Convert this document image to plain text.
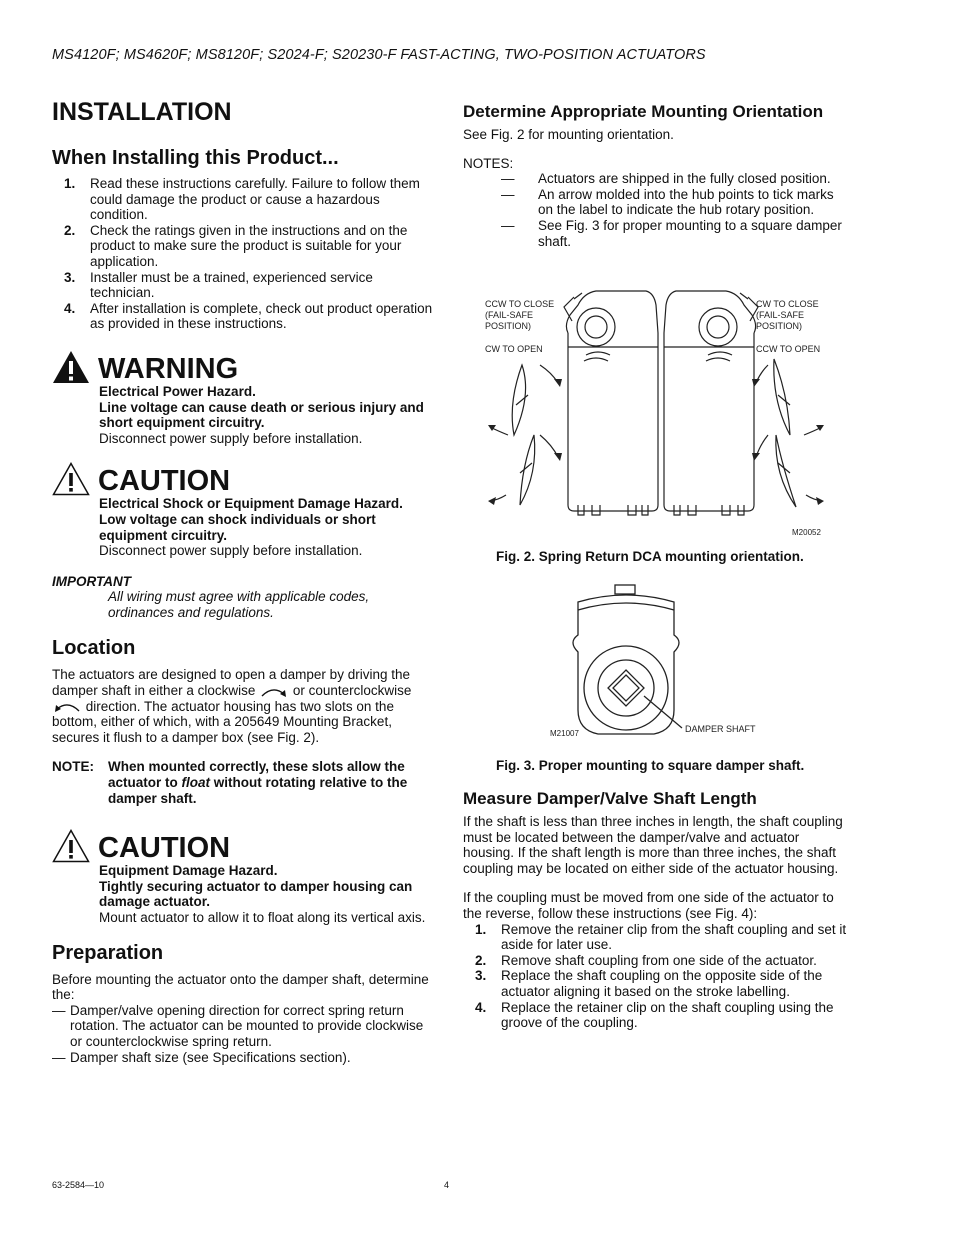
MS4120F; MS4620F; MS8120F; S2024-F; S20230-F FAST-ACTING, TWO-POSITION ACTUATORS
INSTALLATION
When Installing this Product...
1. Read these instructions carefully. Failure to follow them could damage the product or cause a hazardous condition.
2. Check the ratings given in the instructions and on the product to make sure the product is suitable for your application.
3. Installer must be a trained, experienced service technician.
4. After installation is complete, check out product operation as provided in these instructions.
WARNING
Electrical Power Hazard.
Line voltage can cause death or serious injury and short equipment circuitry.
Disconnect power supply before installation.
CAUTION
Electrical Shock or Equipment Damage Hazard.
Low voltage can shock individuals or short equipment circuitry.
Disconnect power supply before installation.
IMPORTANT
All wiring must agree with applicable codes, ordinances and regulations.
Location
The actuators are designed to open a damper by driving the damper shaft in either a clockwise	or counterclockwise
direction. The actuator housing has two slots on the bottom, either of which, with a 205649 Mounting Bracket, secures it flush to a damper box (see Fig. 2).
NOTE: When mounted correctly, these slots allow the actuator to float without rotating relative to the damper shaft.
CAUTION
Equipment Damage Hazard.
Tightly securing actuator to damper housing can damage actuator.
Mount actuator to allow it to float along its vertical axis.
Preparation
Before mounting the actuator onto the damper shaft, determine the:
— Damper/valve opening direction for correct spring return rotation. The actuator can be mounted to provide clockwise or counterclockwise spring return.
— Damper shaft size (see Specifications section).
Determine Appropriate Mounting Orientation
See Fig. 2 for mounting orientation.
NOTES:
— Actuators are shipped in the fully closed position.
— An arrow molded into the hub points to tick marks on the label to indicate the hub rotary position.
— See Fig. 3 for proper mounting to a square damper shaft.
CCW TO CLOSE
(FAIL-SAFE
POSITION)
CW TO OPEN
CW TO CLOSE
(FAIL-SAFE
POSITION)
CCW TO OPEN
M20052
Fig. 2. Spring Return DCA mounting orientation.
M21007	DAMPER SHAFT
Fig. 3. Proper mounting to square damper shaft.
Measure Damper/Valve Shaft Length
If the shaft is less than three inches in length, the shaft coupling must be located between the damper/valve and actuator housing. If the shaft length is more than three inches, the shaft coupling may be located on either side of the actuator housing.
If the coupling must be moved from one side of the actuator to the reverse, follow these instructions (see Fig. 4):
1. Remove the retainer clip from the shaft coupling and set it aside for later use.
2. Remove shaft coupling from one side of the actuator.
3. Replace the shaft coupling on the opposite side of the actuator aligning it based on the stroke labelling.
4. Replace the retainer clip on the shaft coupling using the groove of the coupling.
63-2584—10	4
